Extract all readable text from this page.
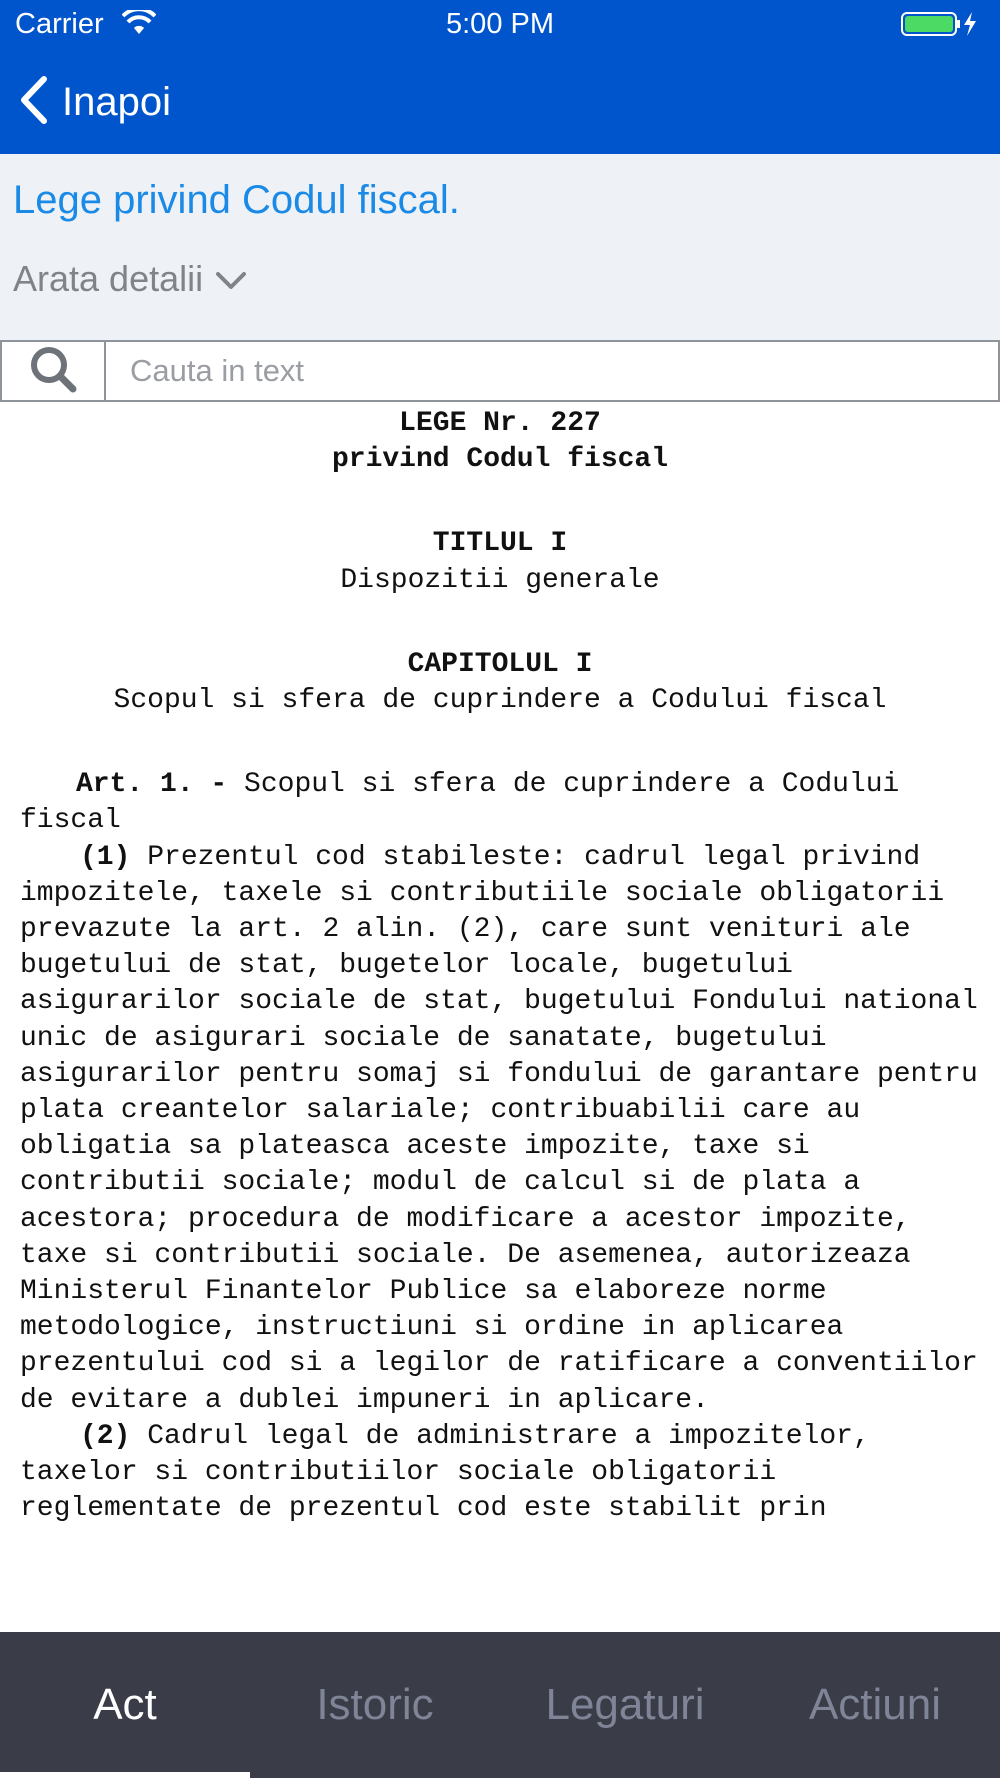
Carrier	5:00 PM
Inapoi
Lege privind Codul fiscal.
Arata detalii
Cauta in text
LEGE Nr. 227
privind Codul fiscal
TITLUL I
Dispozitii generale
CAPITOLUL I
Scopul si sfera de cuprindere a Codului fiscal

Art. 1. - Scopul si sfera de cuprindere a Codului fiscal

(1) Prezentul cod stabileste: cadrul legal privind impozitele, taxele si contributiile sociale obligatorii prevazute la art. 2 alin. (2), care sunt venituri ale bugetului de stat, bugetelor locale, bugetului asigurarilor sociale de stat, bugetului Fondului national unic de asigurari sociale de sanatate, bugetului asigurarilor pentru somaj si fondului de garantare pentru plata creantelor salariale; contribuabilii care au obligatia sa plateasca aceste impozite, taxe si contributii sociale; modul de calcul si de plata a acestora; procedura de modificare a acestor impozite, taxe si contributii sociale. De asemenea, autorizeaza Ministerul Finantelor Publice sa elaboreze norme metodologice, instructiuni si ordine in aplicarea prezentului cod si a legilor de ratificare a conventiilor de evitare a dublei impuneri in aplicare.

(2) Cadrul legal de administrare a impozitelor, taxelor si contributiilor sociale obligatorii reglementate de prezentul cod este stabilit prin

Act	Istoric	Legaturi Actiuni
